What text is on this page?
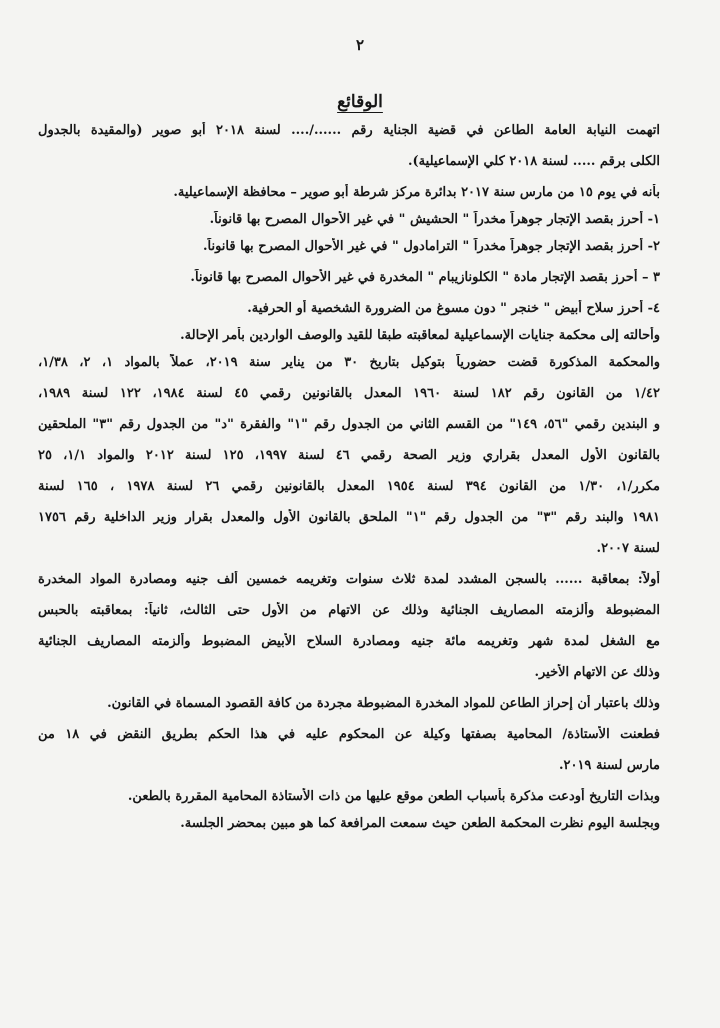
٢
الوقائع
اتهمت النيابة العامة الطاعن في قضية الجناية رقم ....../.... لسنة ٢٠١٨ أبو صوير (والمقيدة بالجدول
الكلى برقم ..... لسنة ٢٠١٨ كلي الإسماعيلية).
بأنه في يوم ١٥ من مارس سنة ٢٠١٧ بدائرة مركز شرطة أبو صوير – محافظة الإسماعيلية.
١- أحرز بقصد الإتجار جوهراً مخدراً " الحشيش " في غير الأحوال المصرح بها قانوناً.
٢- أحرز بقصد الإتجار جوهراً مخدراً " الترامادول " في غير الأحوال المصرح بها قانوناً.
٣ – أحرز بقصد الإتجار مادة " الكلونازيبام " المخدرة في غير الأحوال المصرح بها قانوناً.
٤- أحرز سلاح أبيض " خنجر " دون مسوغ من الضرورة الشخصية أو الحرفية.
وأحالته إلى محكمة جنايات الإسماعيلية لمعاقبته طبقا للقيد والوصف الواردين بأمر الإحالة.
والمحكمة المذكورة قضت حضورياً بتوكيل بتاريخ ٣٠ من يناير سنة ٢٠١٩، عملاً بالمواد ١، ٢، ١/٣٨،
١/٤٢ من القانون رقم ١٨٢ لسنة ١٩٦٠ المعدل بالقانونين رقمي ٤٥ لسنة ١٩٨٤، ١٢٢ لسنة ١٩٨٩،
و البندين رقمي "٥٦، ١٤٩" من القسم الثاني من الجدول رقم "١" والفقرة "د" من الجدول رقم "٣" الملحقين
بالقانون الأول المعدل بقراري وزير الصحة رقمي ٤٦ لسنة ١٩٩٧، ١٢٥ لسنة ٢٠١٢ والمواد ١/١، ٢٥
مكرر/١، ١/٣٠ من القانون ٣٩٤ لسنة ١٩٥٤ المعدل بالقانونين رقمي ٢٦ لسنة ١٩٧٨ ، ١٦٥ لسنة
١٩٨١ والبند رقم "٣" من الجدول رقم "١" الملحق بالقانون الأول والمعدل بقرار وزير الداخلية رقم ١٧٥٦
لسنة ٢٠٠٧.
أولاً: بمعاقبة ...... بالسجن المشدد لمدة ثلاث سنوات وتغريمه خمسين ألف جنيه ومصادرة المواد المخدرة
المضبوطة وألزمته المصاريف الجنائية وذلك عن الاتهام من الأول حتى الثالث، ثانياً: بمعاقبته بالحبس
مع الشغل لمدة شهر وتغريمه مائة جنيه ومصادرة السلاح الأبيض المضبوط وألزمته المصاريف الجنائية
وذلك عن الاتهام الأخير.
وذلك باعتبار أن إحراز الطاعن للمواد المخدرة المضبوطة مجردة من كافة القصود المسماة في القانون.
فطعنت الأستاذة/ المحامية بصفتها وكيلة عن المحكوم عليه في هذا الحكم بطريق النقض في ١٨ من
مارس لسنة ٢٠١٩.
وبذات التاريخ أودعت مذكرة بأسباب الطعن موقع عليها من ذات الأستاذة المحامية المقررة بالطعن.
وبجلسة اليوم نظرت المحكمة الطعن حيث سمعت المرافعة كما هو مبين بمحضر الجلسة.
